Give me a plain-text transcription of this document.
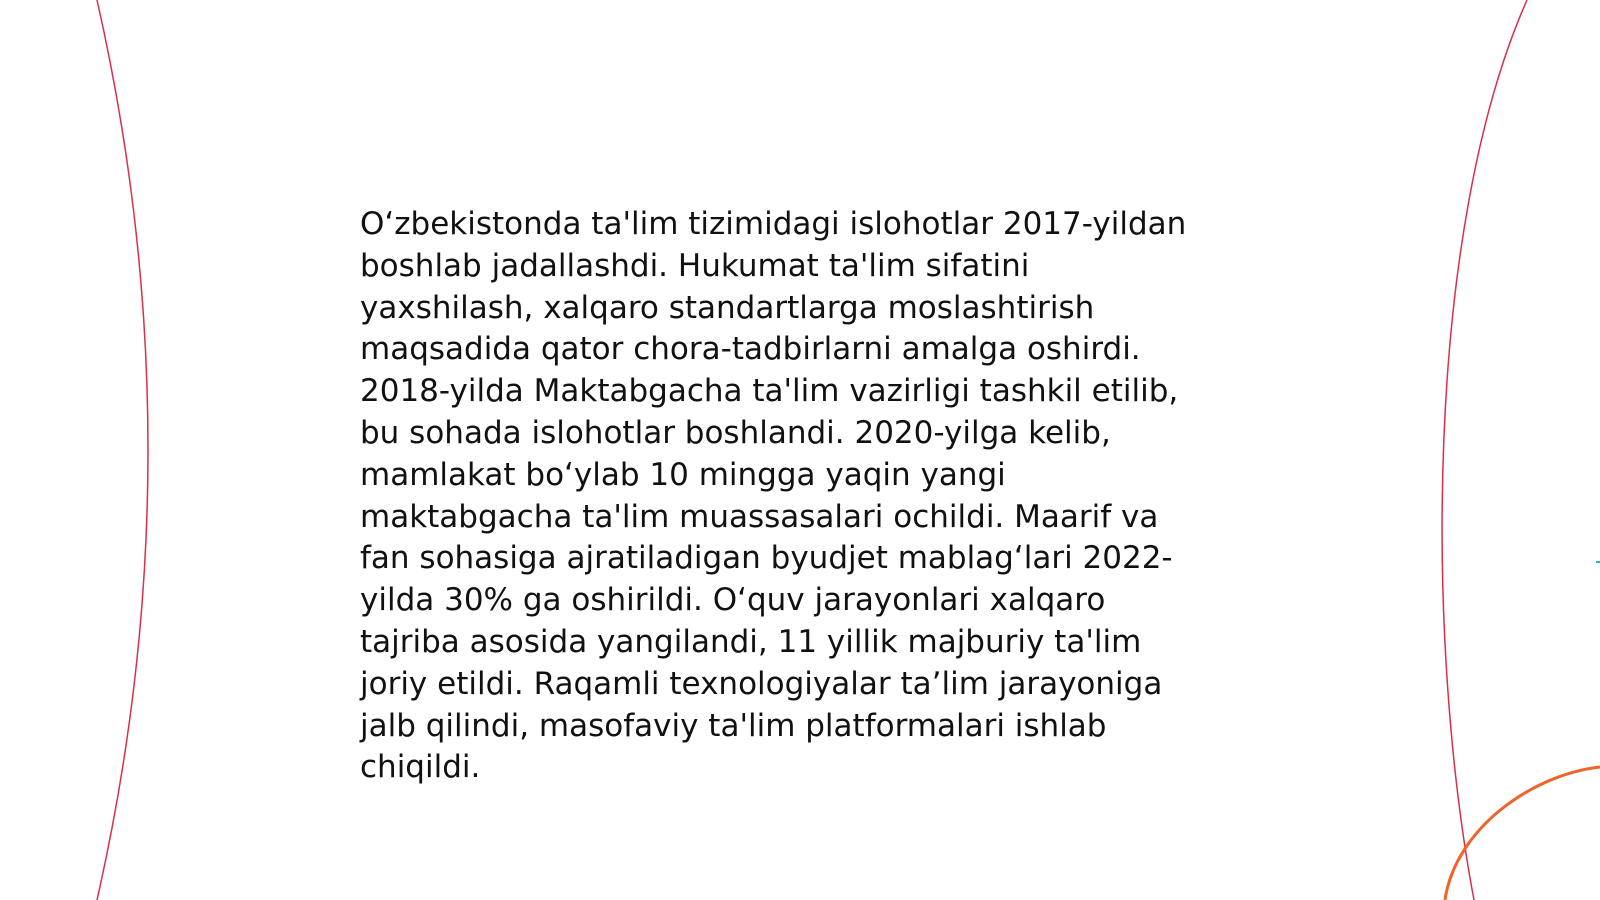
O‘zbekistonda ta'lim tizimidagi islohotlar 2017-yildan
boshlab jadallashdi. Hukumat ta'lim sifatini
yaxshilash, xalqaro standartlarga moslashtirish
maqsadida qator chora-tadbirlarni amalga oshirdi.
2018-yilda Maktabgacha ta'lim vazirligi tashkil etilib,
bu sohada islohotlar boshlandi. 2020-yilga kelib,
mamlakat bo‘ylab 10 mingga yaqin yangi
maktabgacha ta'lim muassasalari ochildi. Maarif va
fan sohasiga ajratiladigan byudjet mablag‘lari 2022-
yilda 30% ga oshirildi. O‘quv jarayonlari xalqaro
tajriba asosida yangilandi, 11 yillik majburiy ta'lim
joriy etildi. Raqamli texnologiyalar ta’lim jarayoniga
jalb qilindi, masofaviy ta'lim platformalari ishlab
chiqildi.
